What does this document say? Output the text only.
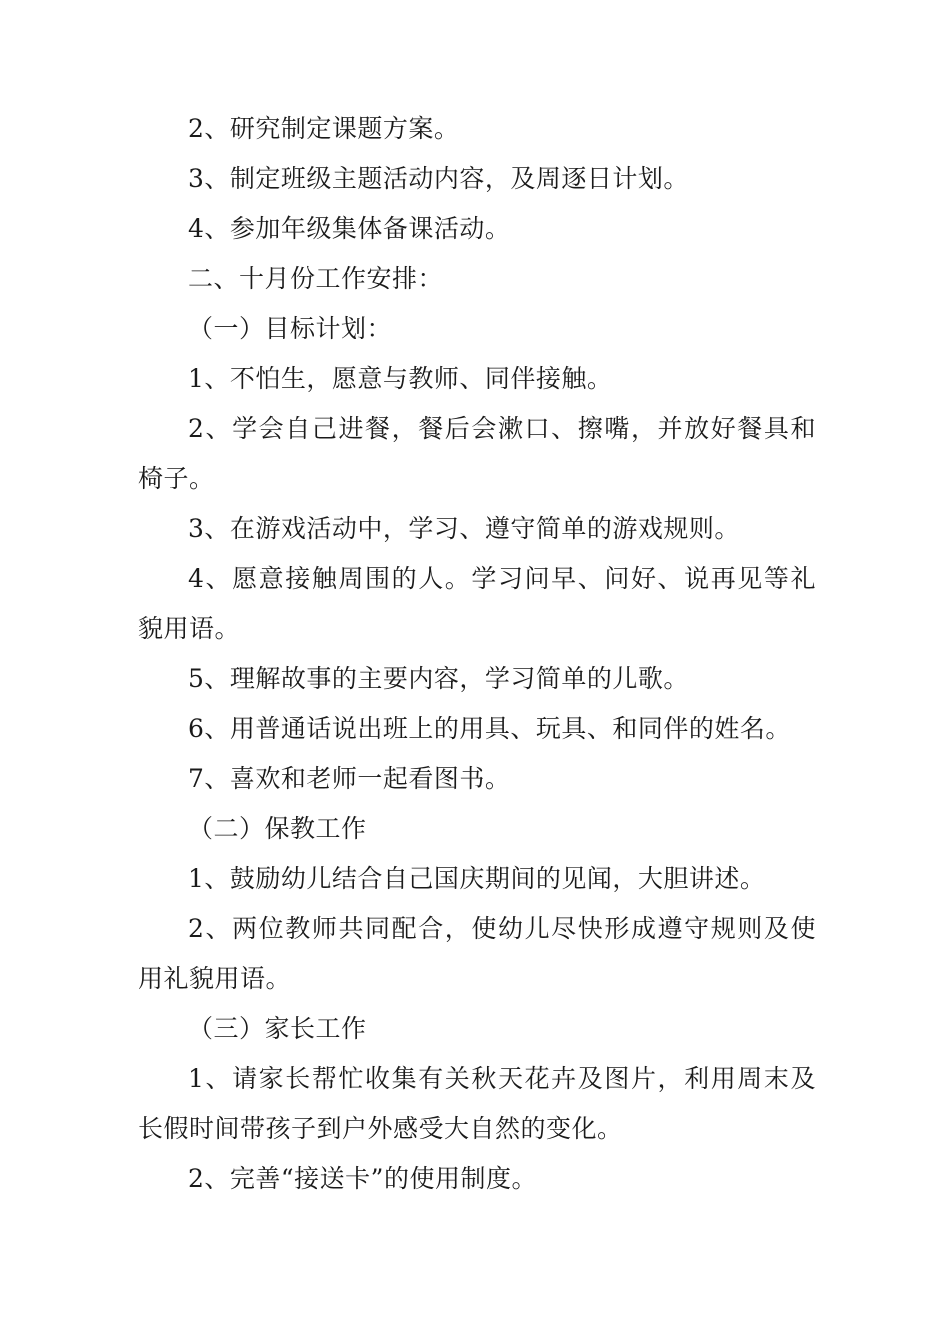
2、研究制定课题方案。

3、制定班级主题活动内容，及周逐日计划。

4、参加年级集体备课活动。

二、十月份工作安排：

（一）目标计划：

1、不怕生，愿意与教师、同伴接触。

2、学会自己进餐，餐后会漱口、擦嘴，并放好餐具和椅子。

3、在游戏活动中，学习、遵守简单的游戏规则。

4、愿意接触周围的人。学习问早、问好、说再见等礼貌用语。

5、理解故事的主要内容，学习简单的儿歌。

6、用普通话说出班上的用具、玩具、和同伴的姓名。

7、喜欢和老师一起看图书。

（二）保教工作

1、鼓励幼儿结合自己国庆期间的见闻，大胆讲述。

2、两位教师共同配合，使幼儿尽快形成遵守规则及使用礼貌用语。

（三）家长工作

1、请家长帮忙收集有关秋天花卉及图片，利用周末及长假时间带孩子到户外感受大自然的变化。

2、完善“接送卡”的使用制度。
